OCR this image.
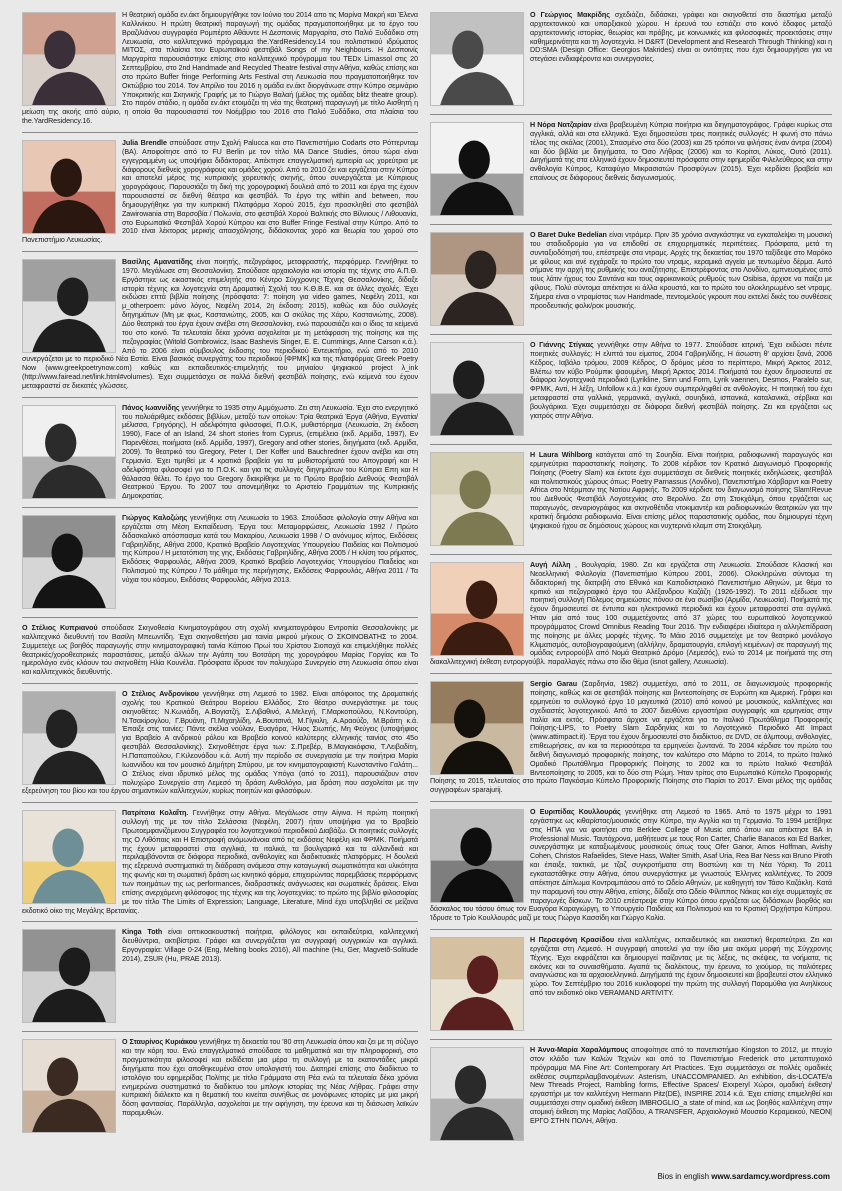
Η θεατρική ομάδα εν.άκτ δημιουργήθηκε τον Ιούνιο του 2014 απο τις Μαρίνα Μακρή και Έλενα Καλλινίκου. Η πρώτη θεατρική παραγωγή της ομάδας πραγματοποιήθηκε με το έργο του Βραζιλιάνου συγγραφέα Ρομπέρτο Αθάυντε Η Δεσποινίς Μαργαρίτα, στο Παλιό Ξυδάδικο στη Λευκωσία, στο καλλιτεχνικό πρόγραμμα the.YardResidency.14 του πολιτιστικού ιδρύματος ΜΙΤΟΣ, στα πλαίσια του Ευρωπαϊκού φεστιβάλ Songs of my Neighbours. Η Δεσποινίς Μαργαρίτα παρουσιάστηκε επίσης στο καλλιτεχνικό πρόγραμμα του TEDx Limassol στις 20 Σεπτεμβρίου, στο 2nd Handmade and Recycled Theatre festival στην Αθήνα, καθώς επίσης και στο πρώτο Buffer fringe Performing Arts Festival στη Λευκωσία που πραγματοποιήθηκε τον Οκτώβριο του 2014. Τον Απρίλιο του 2016 η ομάδα εν.άκτ διοργάνωσε στην Κύπρο σεμινάριο Υποκριτικής και Σκηνικής Γραφής με το Γιώργο Βαλαή (μέλος της ομάδας blitz theatre group). Στο παρόν στάδιο, η ομάδα εν.άκτ ετοιμάζει τη νέα της θεατρική παραγωγή με τίτλο Αισθητή η μείωση της ακοής από αύριο, η οποία θα παρουσιαστεί τον Νοέμβριο του 2016 στο Παλιό Ξυδάδικο, στα πλαίσια του the.YardResidency.16.
Julia Brendle σπούδασε στην Σχολή Palucca και στο Πανεπιστήμιο Codarts στο Ρόττερνταμ (BA). Αποφοίτησε από το FU Berlin με τον τίτλο MA Dance Studies, όπου τώρα είναι εγγεγραμμένη ως υποψήφια διδάκτορας. Απέκτησε επαγγελματική εμπειρία ως χορεύτρια με διάφορους διεθνείς χορογράφους και ομάδες χορού. Από το 2010 ζει και εργάζεται στην Κύπρο και αποτελεί μέρος της κυπριακής χορευτικής σκηνής, όπου συνεργάζεται με Κύπριους χορογράφους. Παρουσιάζει τη δική της χορογραφική δουλειά από το 2011 και έργα της έχουν παρουσιαστεί σε διεθνή θέατρα και φεστιβάλ. Το έργο της within and between, που δημιουργήθηκε για την κυπριακή Πλατφόρμα Χορού 2015, έχει προσκληθεί στο φεστιβάλ Zawirowania στη Βαρσοβία / Πολωνία, στο φεστιβάλ Χορού Βαλτικής στο Βίλνιους / Λιθουανία, στο Ευρωπαϊκό Φεστιβάλ Χορού Κύπρου και στο Buffer Fringe Festival στην Κύπρο. Από το 2010 είναι λέκτορας μερικής απασχόλησης, διδάσκοντας χορό και θεωρία του χορού στο Πανεπιστήμιο Λευκωσίας.
Βασίλης Αμανατίδης είναι ποιητής, πεζογράφος, μεταφραστής, περφόρμερ. Γεννήθηκε το 1970. Μεγάλωσε στη Θεσσαλονίκη. Σπούδασε αρχαιολογία και ιστορία της τέχνης στο Α.Π.Θ. Εργάστηκε ως εικαστικός επιμελητής στο Κέντρο Σύγχρονης Τέχνης Θεσσαλονίκης, δίδαξε ιστορία τέχνης και λογοτεχνία στη Δραματική Σχολή του Κ.Θ.Β.Ε. και σε άλλες σχολές. Έχει εκδώσει επτά βιβλία ποίησης (πρόσφατα: 7: ποίηση για video games, Νεφέλη 2011, και μ_otherpoem: μόνο λόγος, Νεφέλη 2014, 2η έκδοση: 2015), καθώς και δύο συλλογές διηγημάτων (Μη με φως, Καστανιώτης, 2005, και Ο σκύλος της Χάρυ, Καστανιώτης, 2008). Δύο θεατρικά του έργα έχουν ανέβει στη Θεσσαλονίκη, ενώ παρουσιάζει και ο ίδιος τα κείμενά του στο κοινό. Τα τελευταία δέκα χρόνια ασχολείται με τη μετάφραση της ποίησης και της πεζογραφίας (Witold Gombrowicz, Isaac Bashevis Singer, E. E. Cummings, Anne Carson κ.ά.). Από το 2006 είναι σύμβουλος έκδοσης του περιοδικού Εντευκτήριο, ενώ από το 2010 συνεργάζεται με το περιοδικό Νέα Εστία. Είναι βασικός συνεργάτης του περιοδικού [ΦΡΜΚ] και της πλατφόρμας Greek Poetry Now (www.greekpoetrynow.com) καθώς και εκπαιδευτικός-επιμελητής του μηνιαίου ψηφιακού project λ_ink (http://www.fairead.net/link.html#volumes). Έχει συμμετάσχει σε πολλά διεθνή φεστιβάλ ποίησης, ενώ κείμενά του έχουν μεταφραστεί σε διεκατές γλώσσες.
Πάνος Ιωαννίδης γεννήθηκε το 1935 στην Αμμόχωστο. Ζει στη Λευκωσία. Έχει στο ενεργητικό του πολυάριθμες εκδόσεις βιβλίων, μεταξύ των οποίων: Τρία θεατρικά Έργα (Αθήνα, Εγνατία/μέλισσα, Γρηγόρης), Η αδελφότητα φιλοσοφεί, Π.Ο.Κ, μυθιστόρημα (Λευκωσία, 2η έκδοση 1990), Face of an Island, 24 short stories from Cyprus, (επιμέλεια (εκδ. Αρμίδα, 1997), Εν Παρενθέσει, ποιήματα (εκδ. Αρμίδα, 1997), Gregory and other stories, διηγήματα (εκδ. Αρμίδα, 2009). Το θεατρικό του Gregory, Peter I, Der Koffer und Bauchredner έχουν ανέβει και στη Γερμανία. Έχει τιμηθεί με 4 κρατικά βραβεία για τα μυθιστορήματά του Απογραφή και Η αδελφότητα φιλοσοφεί για το Π.Ο.Κ. και για τις συλλογές διηγημάτων του Κύπρια Επη και Η θάλασσα θέλει. Το έργο του Gregory διακρίθηκε με το Πρώτο Βραβείο Διεθνούς Φεστιβάλ Θεατρικού Έργου. Το 2007 του απονεμήθηκε το Αριστείο Γραμμάτων της Κυπριακής Δημοκρατίας.
Γιώργος Καλοζώης γεννήθηκε στη Λευκωσία το 1963. Σπούδασε φιλολογία στην Αθήνα και εργάζεται στη Μέση Εκπαίδευση. Έργα του: Μεταμορφώσεις, Λευκωσία 1992 / Πρώτο διδασκαλικό απόσπασμα κατά του Μακαρίου, Λευκωσία 1998 / Ο ανόνυμος κήπος, Εκδόσεις Γαβριηλίδης, Αθήνα 2000, Κρατικό Βραβείο Λογοτεχνίας Υπουργείου Παιδείας και Πολιτισμού της Κύπρου / Η μετατόπιση της γης, Εκδόσεις Γαβριηλίδης, Αθήνα 2005 / Η κλίση του ρήματος, Εκδόσεις Φαρφουλάς, Αθήνα 2009, Κρατικό Βραβείο Λογοτεχνίας Υπουργείου Παιδείας και Πολιτισμού της Κύπρου / Το μάθημα της περιήγησης, Εκδόσεις Φαρφουλάς, Αθήνα 2011 / Τα νύχια του κόσμου, Εκδόσεις Φαρφουλάς, Αθήνα 2013.
Ο Στέλιος Κυπριανού σπούδασε Σκηνοθεσία Κινηματογράφου στη σχολή κινηματογράφου Εντροπία Θεσσαλονίκης με καλλιτεχνικό διευθυντή τον Βασίλη Μπεωντίδη. Έχει σκηνοθετήσει μια ταινία μικρού μήκους Ο ΣΚΟΙΝΟΒΑΤΗΣ το 2004. Συμμετείχε ως βοηθός παραγωγής στην κινηματογραφική ταινία Κάποιο Πρωί του Χρίστου Σιοπαχά και επιμελήθηκε πολλές θεατρικές/χοροθεατρικές παραστάσεις, μεταξύ άλλων την Αγάπη του Βοτσάρη της χορογράφου Μαρίας Γοργίας και Το ημερολόγιο ενός κλόουν του σκηνοθέτη Ηλία Κουνέλα. Πρόσφατα ίδρυσε τον πολυχώρο Συνεργείο στη Λευκωσία όπου είναι και καλλιτεχνικός διευθυντής.
Ο Στέλιος Ανδρονίκου γεννήθηκε στη Λεμεσό το 1982. Είναι απόφοιτος της Δραματικής σχολής του Κρατικού Θεάτρου Βορείου Ελλάδος. Στο θέατρο συνεργάστηκε με τους σκηνοθέτες: Ν.Κωνιάδη, Α.Βογιατζή, Σ.Λιβαθινό, Α.Μελεγή, Γ.Μαρκοπούλου, Ν.Κοντούρη, Ν.Τσακίρογλου, Γ.Βρυάνη, Π.Μιχαηλίδη, Α.Βουτσινά, Μ.Γίγκιλη, Α.Αραούζο, Μ.Βράιτη κ.ά. Έπαιξε στις ταινίες: Πάντε σκέλια νούλαν, Ευαγόρα, Ήλιος Σιωπής, Μη Φεύγεις (υποψήφιος για Βραβείο Α ανδρικού ρόλου και Βραβείο κοινού καλύτερης ελληνικής ταινίας στο 45ο φεστιβάλ Θεσσαλονίκης). Σκηνοθέτησε έργα των: Σ.Πρεβέρ, Β.Μαγιακόφσκι, Τ.Λειβαδίτη, Η.Παπαπούλου, Γ.Κιλεονάδου κ.ά. Αυτή την περίοδο σε συνεργασία με την ποιήτρια Μαρία Ιωαννίδου και τον μουσικό Δημήτρη Σπύρου, με τον κινηματογραφιστή Κωνσταντίνο Γαλάτη... Ο Στέλιος είναι ιδρυτικό μέλος της ομάδας Υπόγα (από το 2011), παρουσιάζουν στον πολυχώρο Συνεργείο στη Λεμεσό τη δράση Ανθολόγιο, μια δράση που ασχολείται με την εξερεύνηση του βίου και του έργου σημαντικών καλλιτεχνών, κυρίως ποιητών και φιλοσόφων.
Πατρίτσια Κολαΐτη. Γεννήθηκε στην Αθήνα. Μεγάλωσε στην Αίγινα. Η πρώτη ποιητική συλλογή της με τον τίτλο Σελάσσια (Νεφέλη, 2007) ήταν υποψήφια για το Βραβείο Πρωτοεμφανιζόμενου Συγγραφέα του λογοτεχνικού περιοδικού Διαβάζω. Οι ποιητικές συλλογές της Ο Λιθόπαις και Η Επιστροφή ανόμωνάνοια από τις εκδόσεις Νεφέλη και ΦΡΜΚ. Ποιήματά της έχουν μεταφραστεί στα αγγλικά, τα ιταλικά, τα βουλγαρικά και τα αλλανδικά και περιλαμβάνονται σε διάφορα περιοδικά, ανθολογίες και διαδικτυακές πλατφόρμες. Η δουλειά της εξερευνά συστηματικά τη διάδραση ανάμεσα στην καταγωγική σωματικότητα και υλικότητα της φωνής και τη σωματική δράση ως κινητικό φόρμα, επιχειρώντας παρεμβάσεις περφόρμανς των ποιημάτων της ως performances, διαδραστικές ανάγνωσεις και σωματικές δράσεις. Είναι επίσης ανερχόμενη φιλόσοφος της τέχνης και της λογοτεχνίας: το πρώτο της βιβλίο φιλοσοφίας με τον τίτλο The Limits of Expression; Language, Literature, Mind έχει υποβληθεί σε μείζονα εκδοτικό οίκο της Μεγάλης Βρετανίας.
Kinga Toth είναι οπτικοακουστική ποιήτρια, φιλόλογος και εκπαιδεύτρια, καλλιτεχνική διευθύντρια, ακτιβίστρια. Γράφει και συνεργάζεται για συγγραφή ουγγρικών και αγγλικά. Εργογραφία: Village 0-24 (Eng, Melting books 2016), All machine (Hu, Ger, Magvetõ-Solitude 2014), ZSUR (Hu, PRAE 2013).
Ο Σταυρίνος Κυριάκου γεννήθηκε τη δεκαετία του '80 στη Λευκωσία όπου και ζει με τη σύζυγο και την κόρη του. Ενώ επαγγελματικά σπούδασε τα μαθηματικά και την πληροφορική, στο πραγματικότητα φιλοσοφεί και εκδίδεται μια μέρα τη συλλογή με τα εκατοντάδες μικρά διηγήματα που έχει αποθηκευμένα στον υπολογιστή του. Διατηρεί επίσης στο διαδίκτυο το ιστολόγιο του εφημερίδας Πολίτης με τίτλο Γράμματα στη Ρέα ενώ τα τελευταία δέκα χρόνια ενημερώνει συστηματικά το διαδίκτυο του μπλογκ ιστορίας της Νέας Λήθρας. Γράφει στην κυπριακή διάλεκτο και η θεματική του κινείται συνήθως σε μονόφωνες ιστορίες με μια μικρή δόση φαντασίας. Παράλληλα, ασχολείται με την αφήγηση, την έρευνα και τη διάσωση λαϊκών παραμυθιών.
Ο Γεώργιος Μακρίδης σχεδιάζει, διδάσκει, γράφει και σκηνοθετεί στο διαστήμα μεταξύ αρχιτεκτονικού και υπαρξιακού χώρου. Η έρευνά του εστιάζει στο κοινό έδαφος μεταξύ αρχιτεκτονικής ιστορίας, θεωρίας και πρόβης, με κοινωνικές και φιλοσοφικές προεκτάσεις στην καθημερινότητα και τη λογοτεχνία. Η D&RT (Development and Research Through Thinking) και η DD:SMA (Design Office: Georgios Makrides) είναι οι οντότητες που έχει δημιουργήσει για να στεγάσει ενδιαφέροντα και συνεργασίες.
Η Νόρα Νατζαρίαν είναι βραβευμένη Κύπρια ποιήτρια και διηγηματογράφος. Γράφει κυρίως στα αγγλικά, αλλά και στα ελληνικά. Έχει δημοσιεύσει τρεις ποιητικές συλλογές: Η φωνή στο πάνω τέλος της σκάλας (2001), Σπασμένο στα δύο (2003) και 25 τρόποι να φιλήσεις έναν άντρα (2004) και δύο βιβλία με διηγήματα, το Όσο Λήθρας (2006) και το Κορίτσι, Λύκος, Ουτό (2011). Διηγήματά της στα ελληνικά έχουν δημοσιευτεί πρόσφατα στην εφημερίδα Φιλελεύθερος και στην ανθολογία Κύπρος, Καταφύγιο Μικρασιατών Προσφύγων (2015). Έχει κερδίσει βραβεία και επαίνους σε διάφορους διεθνείς διαγωνισμούς.
O Baret Duke Bedelian είναι ντράμερ. Πριν 35 χρόνια αναγκάστηκε να εγκαταλείψει τη μουσική του σταδιοδρομία για να επιδοθεί σε επιχειρηματικές περιπέτειες. Πρόσφατα, μετά τη συνταξιοδότησή του, επέστρεψε στα ντραμς. Αρχές της δεκαετίας του 1970 ταξίδεψε στο Μαρόκο με φίλους και ανέ εγχάραξε το πρώτο του ντραμς, κεραμικά αγγεία με τεντωμένο δέρμα. Αυτό σήμανε την αρχή της ρυθμικής του αναζήτησης. Επιστρέφοντας στο Λονδίνο, εμπνευσμένος από τους λάτιν ήχους του Σαντάνα και τους αφρικανικούς ρυθμούς των Osibisa, άρχισε να παίζει με φίλους. Πολύ σύντομα απέκτησε κι άλλα κρουστά, και το πρώτο του ολοκληρωμένο set ντραμς. Σήμερα είναι ο ντραμίστας των Handmade, πεντομελούς γκρουπ που εκτελεί δικές του συνθέσεις προοδευτικής φολκ/ροκ μουσικής.
Ο Γιάννης Στίγκας γεννήθηκε στην Αθήνα το 1977. Σπούδασε ιατρική. Έχει εκδώσει πέντε ποιητικές συλλογές: Η ελιπτά του είματος, 2004 Γαβριηλίδης, Η άσωστη θ' αρχίσει ξανά, 2006 Κέδρος, Ιαβάλο τρόμου, 2009 Κέδρος, Ο δρόμος μέσα το περίπτερο, Μικρή Άρκτος 2012, Βλέπω τον κύβο Ρούμπικ ψαουμένη, Μικρή Άρκτος 2014. Ποιήματά του έχουν δημοσιευτεί σε διάφορα λογοτεχνικά περιοδικά (Lyrikline, Sinn und Form, Lyrik vaennen, Desmos, Paralelo sur, ΦΡΜΚ, Αντί, Η λέξη, Unfollow κ.ά.) και έχουν συμπεριληφθεί σε ανθολογίες. Η ποιητική του έχει μεταφραστεί στα γαλλικά, γερμανικά, αγγλικά, σουηδικά, ισπανικά, καταλανικά, σέρβικα και βουλγάρικα. Έχει συμμετάσχει σε διάφορα διεθνή φεστιβάλ ποίησης. Ζει και εργάζεται ως γιατρός στην Αθήνα.
Η Laura Wihlborg κατάγεται από τη Σουηδία. Είναι ποιήτρια, ραδιοφωνική παραγωγός και ερμηνεύτρια παραστατικής ποίησης. Το 2008 κέρδισε τον Κρατικό Διαγωνισμό Προφορικής Ποίησης (Poetry Slam) και έκτοτε έχει συμμετάσχει σε διεθνείς ποιητικές εκδηλώσεις, φεστιβάλ και πολιτιστικούς χώρους όπως: Poetry Parnassus (Λονδίνο), Πανεπιστήμιο Χάρβαρντ και Poetry Africa στο Ντέρμπαν της Νοτίου Αφρικής. Το 2009 κέρδισε τον διαγωνισμό ποίησης Slam!Revue του Διεθνούς Φεστιβάλ Λογοτεχνίας στο Βερολίνο. Ζει στη Στοκχόλμη, όπου εργάζεται ως παραγωγός, σεναριογράφος και σκηνοθέτιδα ντοκιμαντέρ και ραδιοφωνικών θεατρικών για την κρατική δημόσια ραδιοφωνία. Είναι επίσης μέλος παραστατικής ομάδας, που δημιουργεί τέχνη ψηφιακού ήχου σε δημόσιους χώρους και νυχτερινά κλαμπ στη Στοκχόλμη.
Αυγή Λίλλη , Βουλγαρία, 1980. Ζει και εργάζεται στη Λευκωσία. Σπούδασε Κλασική και Νεοελληνική Φιλολογία (Πανεπιστήμιο Κύπρου 2001, 2006). Ολοκληρώνει σύντομα τη διδακτορική της διατριβή στο Εθνικό και Καποδιστριακό Πανεπιστήμιο Αθηνών, με θέμα το κριτικό και πεζογραφικό έργο του Αλέξανδρου Καζάζη (1926-1992). Το 2011 εξέδωσε την ποιητική συλλογή Πόλεμος σημειώσεις πόνου σε ένα σωσίβιο (Αρμίδα, Λευκωσία). Ποιήματά της έχουν δημοσιευτεί σε έντυπα και ηλεκτρονικά περιοδικά και έχουν μεταφραστεί στα αγγλικά. Ήταν μία από τους 100 συμμετέχοντες από 37 χώρες του ευρωπαϊκού λογοτεχνικού προγράμματος Crowd Omnibus Reading Tour 2016. Την ενδιαφέρει ιδιαίτερα η αλληλεπίδραση της ποίησης με άλλες μορφές τέχνης. Το Μάιο 2016 συμμετείχε με τον θεατρικό μονόλογο Κλιματισμός, αυτοβιογραφούμενη (αλλήλην, δραματουργία, επιλογή κειμένων) σε παραγωγή της ομάδας εντρορούβλ από Νομά Θεατρικό Δρόμο (Λεμεσός), ενώ το 2014 με ποιήματά της στη διακαλλιτεχνική έκθεση εντροργούβλ. παραλλαγές πάνω στο ίδιο θέμα (isnot gallery, Λευκωσία).
Sergio Garau (Σαρδηνία, 1982) συμμετέχει, από το 2011, σε διαγωνισμούς προφορικής ποίησης, καθώς και σε φεστιβάλ ποίησης και βιντεοποίησης σε Ευρώπη και Αμερική. Γράφει και ερμηνεύει το συλλογικό έργο 10 μαγευτικά (2010) από κοινού με μουσικούς, καλλιτέχνες και σχεδιαστές λογοτεχνικού. Από το 2007 διευθύνει εργαστήρια συγγραφής και ερμηνείας στην Ιταλία και εκτός. Πρόσφατα άρχισε να εργάζεται για το Ιταλικό Πρωτάθλημα Προφορικής Ποίησης-LIPS, το Poetry Slam Σαρδηνίας και το Λογοτεχνικό Περιοδικό Att Impact (www.attimpact.it). Έργα του έχουν δημοσιευτεί στο διαδίκτυο, σε DVD, σε άλμπουμ, ανθολογίες, επιθεωρήσεις, αν και τα περιοσότερα τα ερμηνεύει ζωντανά. Το 2004 κέρδισε τον πρώτο του διεθνή διαγωνισμό προφορικής ποίησης, τον καλύτερο στο Μάρτιο το 2014, το πρώτο Ιταλικό Ομαδικό Πρωτάθλημα Προφορικής Ποίησης το 2002 και το πρώτο Ιταλικό Φεστιβάλ Βιντεοποίησης το 2005, και το δύο στη Ρώμη. Ήταν τρίτος στο Ευρωπαϊκό Κύπελο Προφορικής Ποίησης το 2015, τελευταίος στο πρώτο Παγκόσμιο Κύπελο Προφορικής Ποίησης στο Παρίσι το 2017. Είναι μέλος της ομάδας συγγραφέων sparajurij.
Ο Ευριπίδας Κουλλουράς γεννήθηκε στη Λεμεσό το 1965. Από το 1975 μέχρι το 1991 εργάστηκε ως κιθαρίστας/μουσικός στην Κύπρο, την Αγγλία και τη Γερμανία. Το 1994 μετέβηκε στις ΗΠΑ για να φοιτήσει στο Berklee College of Music από όπου και απέκτησε BA in Professional Music. Ταυτόχρονα, μαθήτευσε με τους Ron Carter, Charlie Banacos και Ed Barker, συνεργάστηκε με καταξιωμένους μουσικούς όπως τους Ofer Ganor, Amos Hoffman, Avishy Cohen, Christos Rafaelides, Steve Hass, Walter Smith, Asaf Uria, Rea Bar Ness και Bruno Piroth και έπαιξε, τακτικά, με τζαζ συγκροτήματα στη Βοστώνη και τη Νέα Υόρκη. Το 2011 εγκαταστάθηκε στην Αθήνα, όπου συνεργάστηκε με γνωστούς Έλληνες καλλιτέχνες. Το 2009 απέκτησε Δίπλωμα Κοντραμπάσου από το Ωδείο Αθηνών, με καθηγητή τον Τάσο Καζάκλη. Κατά την παραμονή του στην Αθήνα, επίσης, δίδαξε στο Ωδείο Φίλιππος Νάκας και είχε συμμετοχές σε παραγωγές δίσκων. Το 2010 επέστρεψε στην Κύπρο όπου εργάζεται ως διδάσκων βιορθός και δάσκαλος του τάσου όπως τον Ευαγόρα Καραγιώργη, το Υπουργείο Παιδείας και Πολιτισμού και το Κρατική Ορχήστρα Κύπρου. Ίδρυσε το Τρίο Κουλλουράς μαζί με τους Γιώργο Κασσίδη και Γιώργο Κολία.
Η Περσεφόνη Κρασίδου είναι καλλιτέχνις, εκπαιδευτικός και εικαστική θεραπεύτρια. Ζει και εργάζεται στη Λεμεσό. Η συγγραφή αποτελεί για την ίδια μια ακόμα μορφή της Σύγχρονης Τέχνης. Έχει εκφράζεται και δημιουργεί παίζοντας με τις λέξεις, τις σκέψεις, τα νοήματα, τις εικόνες και τα συναισθήματα. Αγαπά τις διαλέκτους, την έρευνα, το χιούμορ, τις παλιότερες αναγνώσεις και τα αρχαιοελληνικά. Διηγήματά της έχουν δημοσιευτεί και βραβευτεί στον ελληνικό χώρο. Τον Σεπτέμβριο του 2016 κυκλοφορεί την πρώτη της συλλογή Παραμύθια για Ανηλίκους από τον εκδοτικό οίκο VERAMAND ARTIVITY.
Η Άννα-Μαρία Χαραλάμπους αποφοίτησε από το πανεπιστήμιο Kingston το 2012, με πτυχίο στον κλάδο των Καλών Τεχνών και από το Πανεπιστήμιο Frederick στο μεταπτυχιακό πρόγραμμα MA Fine Art: Contemporary Art Practices. Έχει συμμετάσχει σε πολλές ομαδικές εκθέσεις συμπεριλαμβανομένων: Asterism, UNACCOMPANIED. An exhibition, dis-LOCATE/a New Threads Project, Rambling forms, Effective Spaces/ Exxperyl Χώροι, ομαδική έκθεση/εργαστήρι με τον καλλιτέχνη Hermann Pitz(DE), INSPIRE 2014 κ.ά. Έχει επίσης επιμεληθεί και συμμετάσχει στην ομαδική έκθεση IMBROGLIO_a state of mind, και ως βοηθός καλλιτέχνη στην ατομική έκθεση της Μαρίας Λοϊζίδου, A TRANSFER, Αρχαιολογικό Μουσείο Κεραμεικού, NEON|ΕΡΓΟ ΣΤΗΝ ΠΟΛΗ, Αθήνα.
Bios in english www.sardamcy.wordpress.com
